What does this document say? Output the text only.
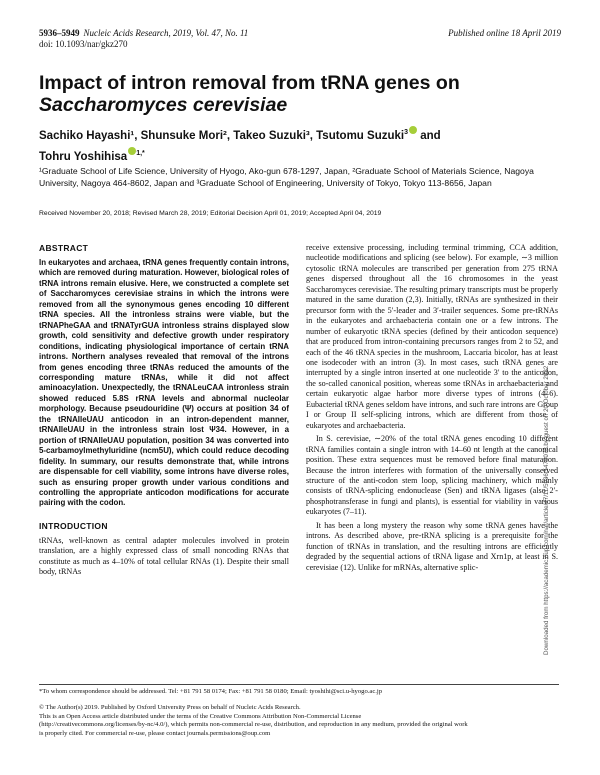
5936–5949 Nucleic Acids Research, 2019, Vol. 47, No. 11	Published online 18 April 2019
doi: 10.1093/nar/gkz270
Impact of intron removal from tRNA genes on
Saccharomyces cerevisiae
Sachiko Hayashi¹, Shunsuke Mori², Takeo Suzuki³, Tsutomu Suzuki$^3$ and
Tohru Yoshihisa $^{1,*}$
¹Graduate School of Life Science, University of Hyogo, Ako-gun 678-1297, Japan, ²Graduate School of Materials Science, Nagoya University, Nagoya 464-8602, Japan and ³Graduate School of Engineering, University of Tokyo, Tokyo 113-8656, Japan
Received November 20, 2018; Revised March 28, 2019; Editorial Decision April 01, 2019; Accepted April 04, 2019
ABSTRACT

In eukaryotes and archaea, tRNA genes frequently contain introns, which are removed during maturation. However, biological roles of tRNA introns remain elusive. Here, we constructed a complete set of Saccharomyces cerevisiae strains in which the introns were removed from all the synonymous genes encoding 10 different tRNA species. All the intronless strains were viable, but the tRNAPheGAA and tRNATyrGUA intronless strains displayed slow growth, cold sensitivity and defective growth under respiratory conditions, indicating physiological importance of certain tRNA introns. Northern analyses revealed that removal of the introns from genes encoding three tRNAs reduced the amounts of the corresponding mature tRNAs, while it did not affect aminoacylation. Unexpectedly, the tRNALeuCAA intronless strain showed reduced 5.8S rRNA levels and abnormal nucleolar morphology. Because pseudouridine (Ψ) occurs at position 34 of the tRNAIleUAU anticodon in an intron-dependent manner, tRNAIleUAU in the intronless strain lost Ψ34. However, in a portion of tRNAIleUAU population, position 34 was converted into 5-carbamoylmethyluridine (ncm5U), which could reduce decoding fidelity. In summary, our results demonstrate that, while introns are dispensable for cell viability, some introns have diverse roles, such as ensuring proper growth under various conditions and controlling the appropriate anticodon modifications for accurate pairing with the codon.

INTRODUCTION

tRNAs, well-known as central adapter molecules involved in protein translation, are a highly expressed class of small noncoding RNAs that constitute as much as 4–10% of total cellular RNAs (1). Despite their small body, tRNAs

receive extensive processing, including terminal trimming, CCA addition, nucleotide modifications and splicing (see below). For example, ∼3 million cytosolic tRNA molecules are transcribed per generation from 275 tRNA genes dispersed throughout all the 16 chromosomes in the yeast Saccharomyces cerevisiae. The resulting primary transcripts must be properly matured in the same duration (2,3). Initially, tRNAs are synthesized in their precursor form with the 5′-leader and 3′-trailer sequences. Some pre-tRNAs in the eukaryotes and archaebacteria contain one or a few introns. The number of eukaryotic tRNA species (defined by their anticodon sequence) that are produced from intron-containing precursors ranges from 2 to 52, and each of the 46 tRNA species in the mushroom, Laccaria bicolor, has at least one isodecoder with an intron (3). In most cases, such tRNA genes are interrupted by a single intron inserted at one nucleotide 3′ to the anticodon, the so-called canonical position, whereas some tRNAs in archaebacteria and certain eukaryotic algae harbor more diverse types of introns (4–6). Eubacterial tRNA genes seldom have introns, and such rare introns are Group I or Group II self-splicing introns, which are different from those of eukaryotes and archaebacteria.

In S. cerevisiae, ∼20% of the total tRNA genes encoding 10 different tRNA families contain a single intron with 14–60 nt length at the canonical position. These extra sequences must be removed before final maturation. Because the intron interferes with formation of the universally conserved structure of the anti-codon stem loop, splicing machinery, which mainly consists of tRNA-splicing endonuclease (Sen) and tRNA ligases (also 2′-phosphotransferase in fungi and plants), is essential for viability in various eukaryotes (7–11).

It has been a long mystery the reason why some tRNA genes have the introns. As described above, pre-tRNA splicing is a prerequisite for the function of tRNAs in translation, and the resulting introns are efficiently degraded by the sequential actions of tRNA ligase and Xrn1p, at least in S. cerevisiae (12). Unlike for mRNAs, alternative splic-

*To whom correspondence should be addressed. Tel: +81 791 58 0174; Fax: +81 791 58 0180; Email: tyoshihi@sci.u-hyogo.ac.jp

© The Author(s) 2019. Published by Oxford University Press on behalf of Nucleic Acids Research.

This is an Open Access article distributed under the terms of the Creative Commons Attribution Non-Commercial License

(http://creativecommons.org/licenses/by-nc/4.0/), which permits non-commercial re-use, distribution, and reproduction in any medium, provided the original work

is properly cited. For commercial re-use, please contact journals.permissions@oup.com

Downloaded from https://academic.oup.com/nar/article/47/11/5936/5475078 by guest on 20 October 2022
